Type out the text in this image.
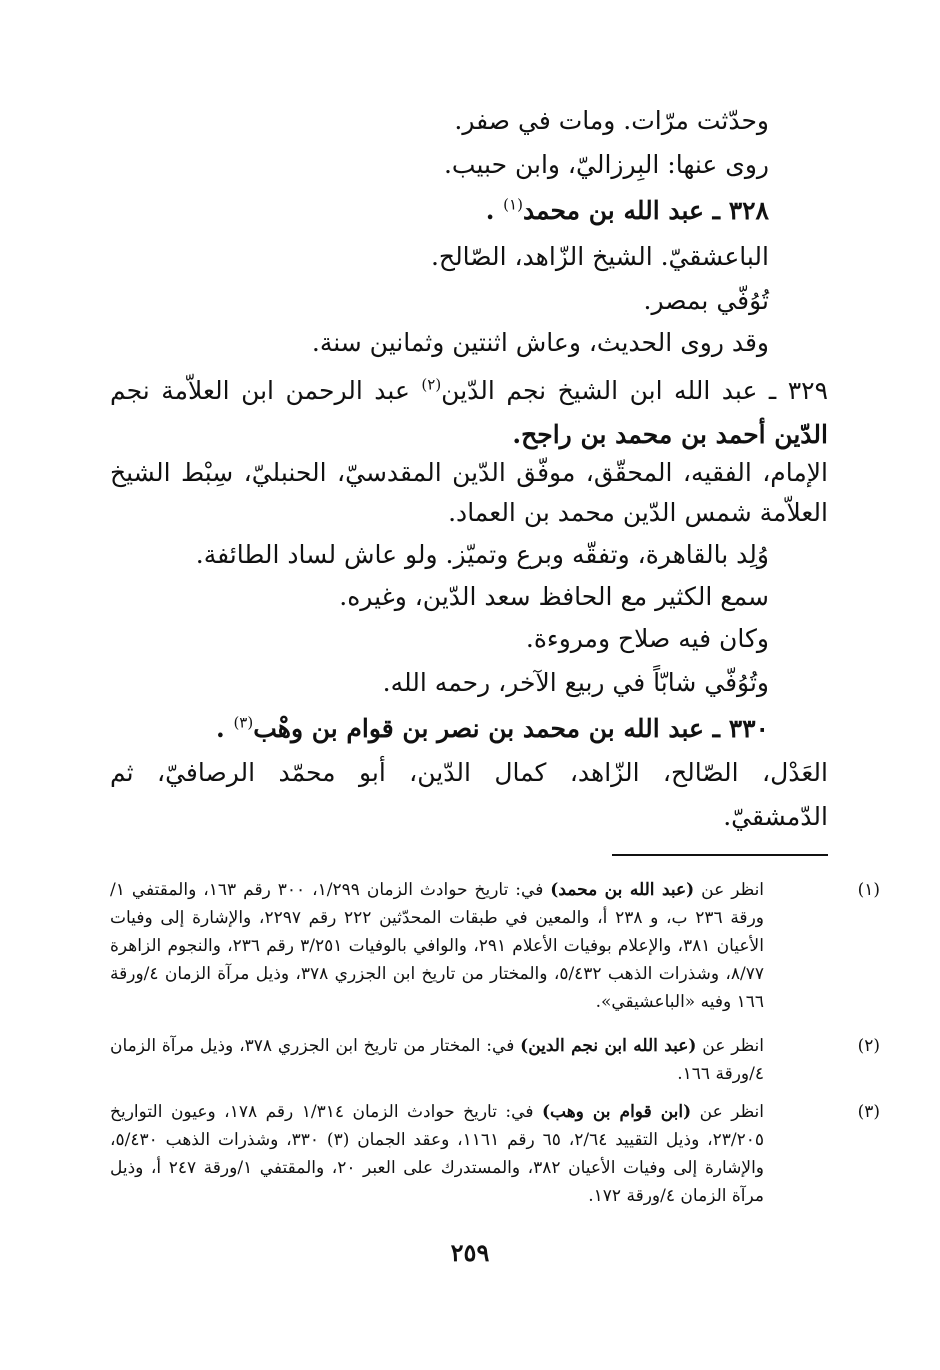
وحدّثت مرّات. ومات في صفر.
روى عنها: البِرزاليّ، وابن حبيب.
٣٢٨ ـ عبد الله بن محمد$^{(١)}$ .
الباعشقيّ. الشيخ الزّاهد، الصّالح.
تُوُفّي بمصر.
وقد روى الحديث، وعاش اثنتين وثمانين سنة.
٣٢٩ ـ عبد الله ابن الشيخ نجم الدّين$^{(٢)}$ عبد الرحمن ابن العلاّمة نجم
الدّين أحمد بن محمد بن راجح.
الإمام، الفقيه، المحقّق، موفّق الدّين المقدسيّ، الحنبليّ، سِبْط الشيخ
العلاّمة شمس الدّين محمد بن العماد.
وُلِد بالقاهرة، وتفقّه وبرع وتميّز. ولو عاش لساد الطائفة.
سمع الكثير مع الحافظ سعد الدّين، وغيره.
وكان فيه صلاح ومروءة.
وتُوُفّي شابّاً في ربيع الآخر، رحمه الله.
٣٣٠ ـ عبد الله بن محمد بن نصر بن قوام بن وهْب$^{(٣)}$ .
العَدْل، الصّالح، الزّاهد، كمال الدّين، أبو محمّد الرصافيّ، ثم
الدّمشقيّ.
(١)
انظر عن (عبد الله بن محمد) في: تاريخ حوادث الزمان ١/٢٩٩، ٣٠٠ رقم ١٦٣، والمقتفي ١/ورقة ٢٣٦ ب، و ٢٣٨ أ، والمعين في طبقات المحدّثين ٢٢٢ رقم ٢٢٩٧، والإشارة إلى وفيات الأعيان ٣٨١، والإعلام بوفيات الأعلام ٢٩١، والوافي بالوفيات ٣/٢٥١ رقم ٢٣٦، والنجوم الزاهرة ٨/٧٧، وشذرات الذهب ٥/٤٣٢، والمختار من تاريخ ابن الجزري ٣٧٨، وذيل مرآة الزمان ٤/ورقة ١٦٦ وفيه «الباعشيقي».
(٢)
انظر عن (عبد الله ابن نجم الدين) في: المختار من تاريخ ابن الجزري ٣٧٨، وذيل مرآة الزمان ٤/ورقة ١٦٦.
(٣)
انظر عن (ابن قوام بن وهب) في: تاريخ حوادث الزمان ١/٣١٤ رقم ١٧٨، وعيون التواريخ ٢٣/٢٠٥، وذيل التقييد ٢/٦٤، ٦٥ رقم ١١٦١، وعقد الجمان (٣) ٣٣٠، وشذرات الذهب ٥/٤٣٠، والإشارة إلى وفيات الأعيان ٣٨٢، والمستدرك على العبر ٢٠، والمقتفي ١/ورقة ٢٤٧ أ، وذيل مرآة الزمان ٤/ورقة ١٧٢.
٢٥٩
